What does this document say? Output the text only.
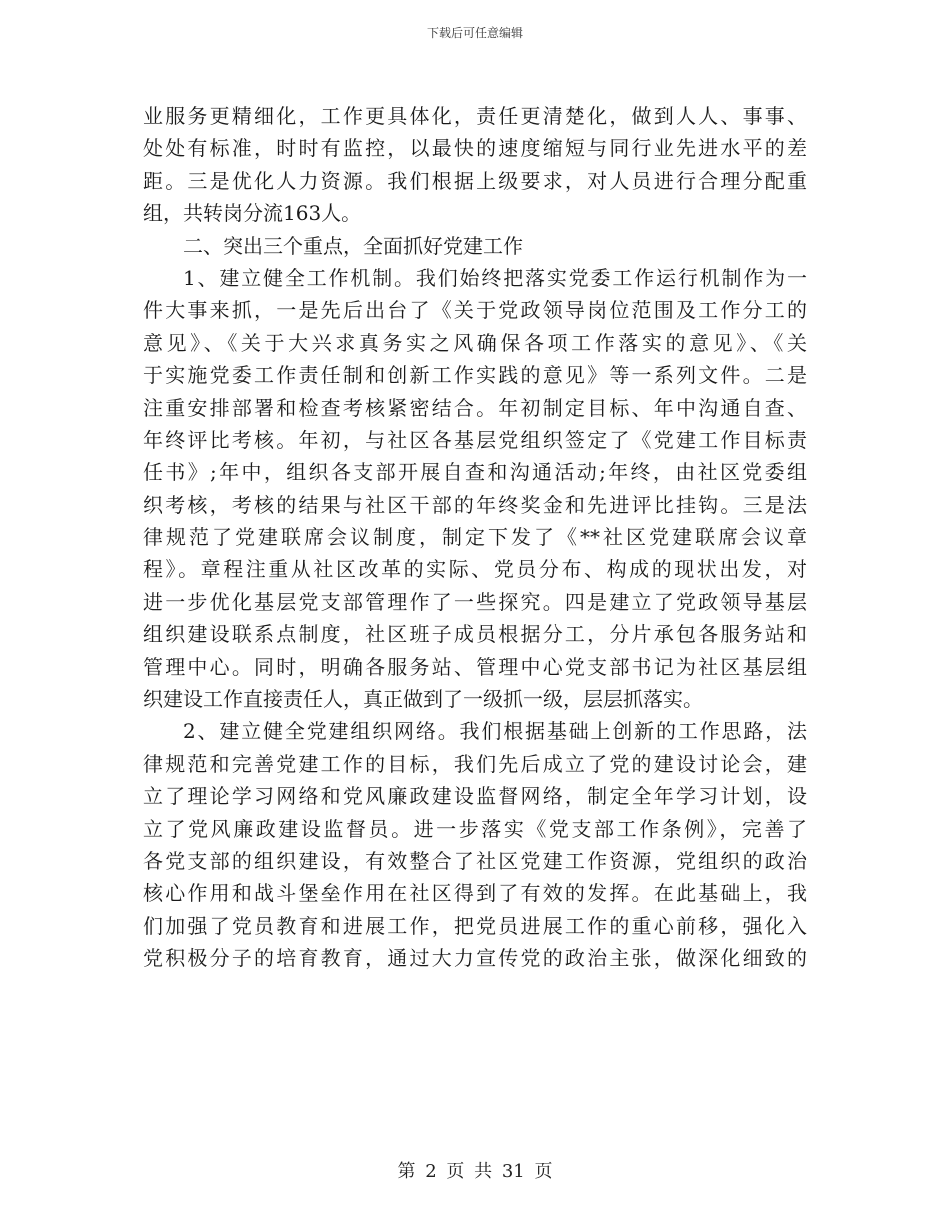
下载后可任意编辑
业服务更精细化，工作更具体化，责任更清楚化，做到人人、事事、
处处有标准，时时有监控，以最快的速度缩短与同行业先进水平的差
距。三是优化人力资源。我们根据上级要求，对人员进行合理分配重
组，共转岗分流163人。
二、突出三个重点，全面抓好党建工作
1、建立健全工作机制。我们始终把落实党委工作运行机制作为一
件大事来抓，一是先后出台了《关于党政领导岗位范围及工作分工的
意见》、《关于大兴求真务实之风确保各项工作落实的意见》、《关
于实施党委工作责任制和创新工作实践的意见》等一系列文件。二是
注重安排部署和检查考核紧密结合。年初制定目标、年中沟通自查、
年终评比考核。年初，与社区各基层党组织签定了《党建工作目标责
任书》;年中，组织各支部开展自查和沟通活动;年终，由社区党委组
织考核，考核的结果与社区干部的年终奖金和先进评比挂钩。三是法
律规范了党建联席会议制度，制定下发了《**社区党建联席会议章
程》。章程注重从社区改革的实际、党员分布、构成的现状出发，对
进一步优化基层党支部管理作了一些探究。四是建立了党政领导基层
组织建设联系点制度，社区班子成员根据分工，分片承包各服务站和
管理中心。同时，明确各服务站、管理中心党支部书记为社区基层组
织建设工作直接责任人，真正做到了一级抓一级，层层抓落实。
2、建立健全党建组织网络。我们根据基础上创新的工作思路，法
律规范和完善党建工作的目标，我们先后成立了党的建设讨论会，建
立了理论学习网络和党风廉政建设监督网络，制定全年学习计划，设
立了党风廉政建设监督员。进一步落实《党支部工作条例》，完善了
各党支部的组织建设，有效整合了社区党建工作资源，党组织的政治
核心作用和战斗堡垒作用在社区得到了有效的发挥。在此基础上，我
们加强了党员教育和进展工作，把党员进展工作的重心前移，强化入
党积极分子的培育教育，通过大力宣传党的政治主张，做深化细致的
第 2 页 共 31 页
